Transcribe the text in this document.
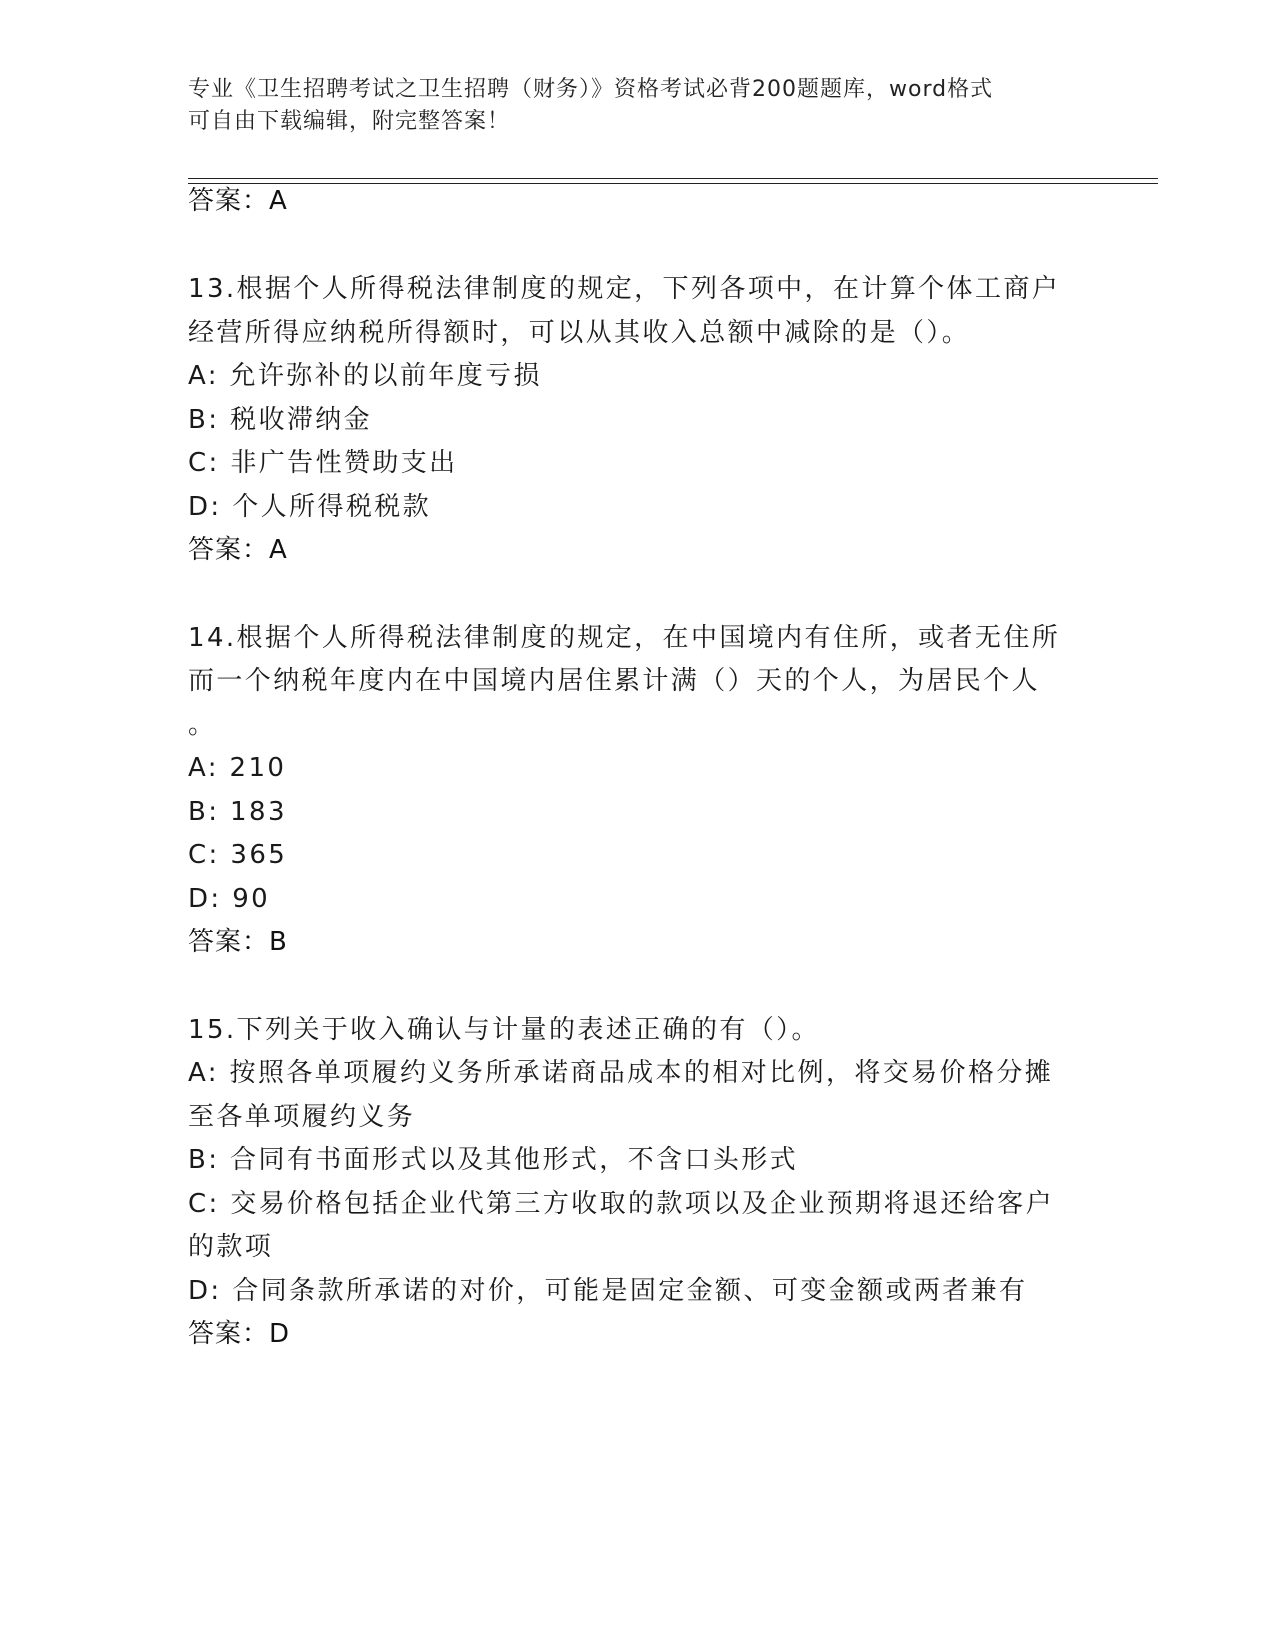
专业《卫生招聘考试之卫生招聘（财务）》资格考试必背200题题库，word格式
可自由下载编辑，附完整答案！
答案：A
13.根据个人所得税法律制度的规定，下列各项中，在计算个体工商户
经营所得应纳税所得额时，可以从其收入总额中减除的是（）。
A: 允许弥补的以前年度亏损
B: 税收滞纳金
C: 非广告性赞助支出
D: 个人所得税税款
答案：A
14.根据个人所得税法律制度的规定，在中国境内有住所，或者无住所
而一个纳税年度内在中国境内居住累计满（）天的个人，为居民个人
。
A: 210
B: 183
C: 365
D: 90
答案：B
15.下列关于收入确认与计量的表述正确的有（）。
A: 按照各单项履约义务所承诺商品成本的相对比例，将交易价格分摊
至各单项履约义务
B: 合同有书面形式以及其他形式，不含口头形式
C: 交易价格包括企业代第三方收取的款项以及企业预期将退还给客户
的款项
D: 合同条款所承诺的对价，可能是固定金额、可变金额或两者兼有
答案：D
